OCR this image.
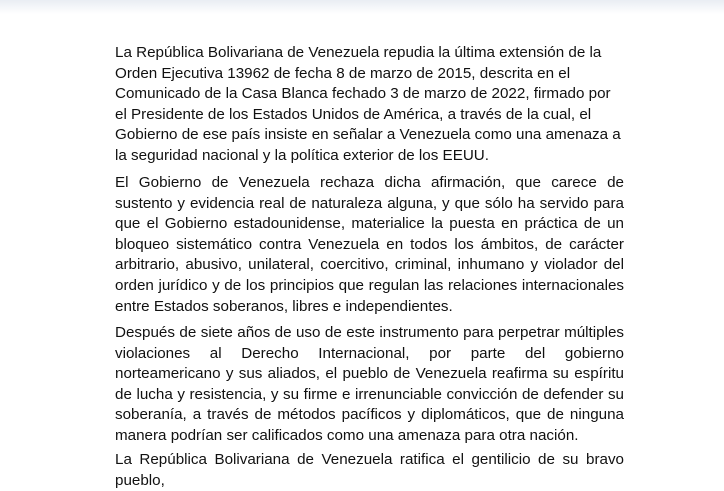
La República Bolivariana de Venezuela repudia la última extensión de la Orden Ejecutiva 13962 de fecha 8 de marzo de 2015, descrita en el Comunicado de la Casa Blanca fechado 3 de marzo de 2022, firmado por el Presidente de los Estados Unidos de América, a través de la cual, el Gobierno de ese país insiste en señalar a Venezuela como una amenaza a la seguridad nacional y la política exterior de los EEUU.

El Gobierno de Venezuela rechaza dicha afirmación, que carece de sustento y evidencia real de naturaleza alguna, y que sólo ha servido para que el Gobierno estadounidense, materialice la puesta en práctica de un bloqueo sistemático contra Venezuela en todos los ámbitos, de carácter arbitrario, abusivo, unilateral, coercitivo, criminal, inhumano y violador del orden jurídico y de los principios que regulan las relaciones internacionales entre Estados soberanos, libres e independientes.

Después de siete años de uso de este instrumento para perpetrar múltiples violaciones al Derecho Internacional, por parte del gobierno norteamericano y sus aliados, el pueblo de Venezuela reafirma su espíritu de lucha y resistencia, y su firme e irrenunciable convicción de defender su soberanía, a través de métodos pacíficos y diplomáticos, que de ninguna manera podrían ser calificados como una amenaza para otra nación.

La República Bolivariana de Venezuela ratifica el gentilicio de su bravo pueblo,
